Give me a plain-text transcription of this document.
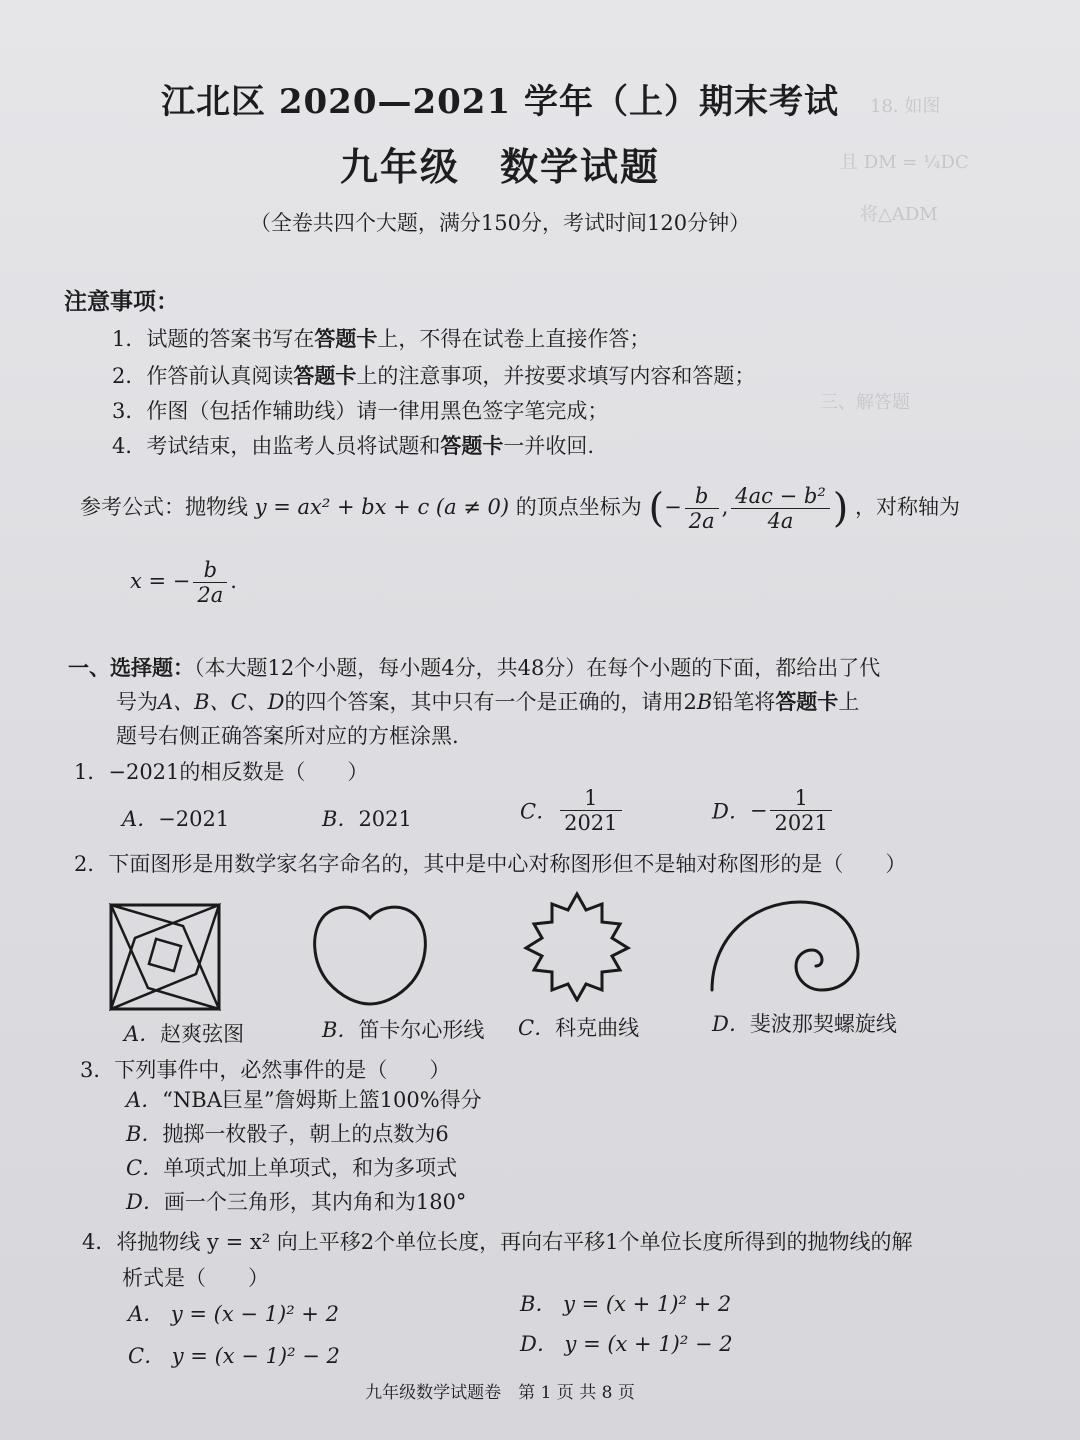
18. 如图
且 DM = ¼DC
将△ADM
三、解答题
江北区 2020—2021 学年（上）期末考试
九年级　数学试题
（全卷共四个大题，满分150分，考试时间120分钟）
注意事项：
1．试题的答案书写在答题卡上，不得在试卷上直接作答；
2．作答前认真阅读答题卡上的注意事项，并按要求填写内容和答题；
3．作图（包括作辅助线）请一律用黑色签字笔完成；
4．考试结束，由监考人员将试题和答题卡一并收回.
参考公式：抛物线 y = ax² + bx + c (a ≠ 0) 的顶点坐标为 (− $\frac{b}{2a}$ , $\frac{\text{4ac − b²}}{4a}$ ) ，对称轴为
x = − $\frac{b}{2a}$ .
一、选择题：（本大题12个小题，每小题4分，共48分）在每个小题的下面，都给出了代
号为A、B、C、D的四个答案，其中只有一个是正确的，请用2B铅笔将答题卡上
题号右侧正确答案所对应的方框涂黑.
1．−2021的相反数是（　　）
A．−2021	B．2021	C． $\frac{1}{2021}$	D．− $\frac{1}{2021}$
2．下面图形是用数学家名字命名的，其中是中心对称图形但不是轴对称图形的是（　　）
A．赵爽弦图	B．笛卡尔心形线 C．科克曲线	D．斐波那契螺旋线
3．下列事件中，必然事件的是（　　）
A．“NBA巨星”詹姆斯上篮100%得分
B．抛掷一枚骰子，朝上的点数为6
C．单项式加上单项式，和为多项式
D．画一个三角形，其内角和为180°
4．将抛物线 y = x² 向上平移2个单位长度，再向右平移1个单位长度所得到的抛物线的解
析式是（　　）
A． y = (x − 1)² + 2	B． y = (x + 1)² + 2
C． y = (x − 1)² − 2	D． y = (x + 1)² − 2
九年级数学试题卷　第 1 页 共 8 页
